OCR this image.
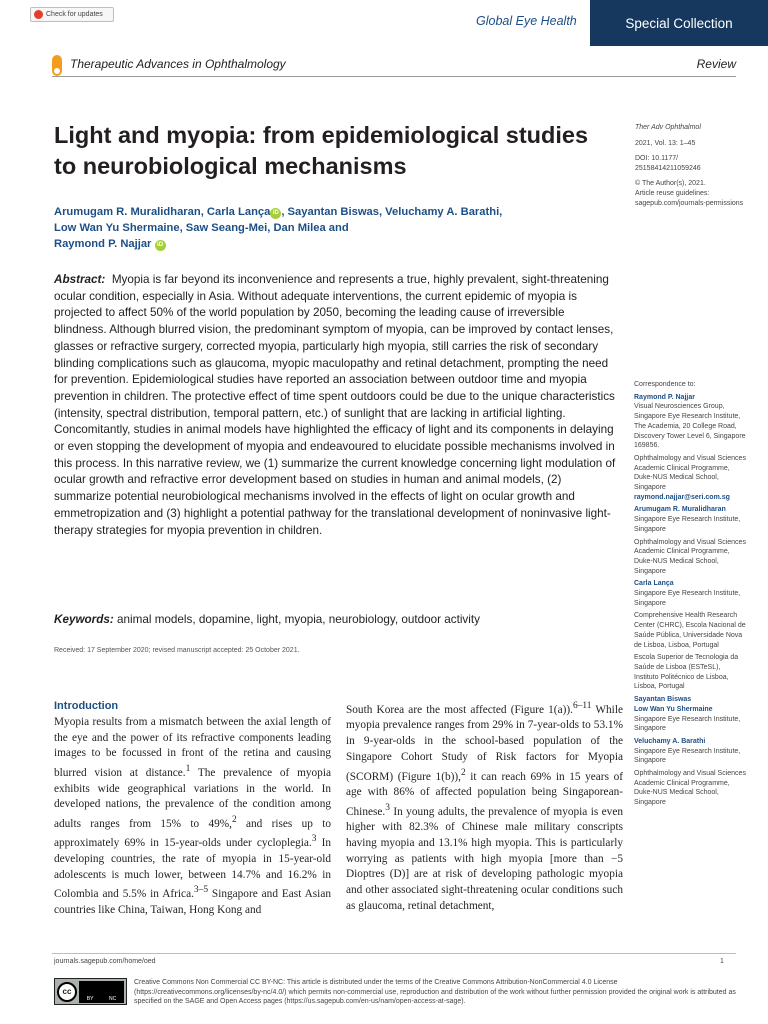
Check for updates	Global Eye Health	Special Collection
Therapeutic Advances in Ophthalmology	Review
Light and myopia: from epidemiological studies to neurobiological mechanisms
Arumugam R. Muralidharan, Carla Lança iD , Sayantan Biswas, Veluchamy A. Barathi,
Low Wan Yu Shermaine, Saw Seang-Mei, Dan Milea and
Raymond P. Najjar iD
Ther Adv Ophthalmol
2021, Vol. 13: 1–45
DOI: 10.1177/ 25158414211059246
© The Author(s), 2021.
Article reuse guidelines: sagepub.com/journals-permissions
Abstract: Myopia is far beyond its inconvenience and represents a true, highly prevalent, sight-threatening ocular condition, especially in Asia. Without adequate interventions, the current epidemic of myopia is projected to affect 50% of the world population by 2050, becoming the leading cause of irreversible blindness. Although blurred vision, the predominant symptom of myopia, can be improved by contact lenses, glasses or refractive surgery, corrected myopia, particularly high myopia, still carries the risk of secondary blinding complications such as glaucoma, myopic maculopathy and retinal detachment, prompting the need for prevention. Epidemiological studies have reported an association between outdoor time and myopia prevention in children. The protective effect of time spent outdoors could be due to the unique characteristics (intensity, spectral distribution, temporal pattern, etc.) of sunlight that are lacking in artificial lighting. Concomitantly, studies in animal models have highlighted the efficacy of light and its components in delaying or even stopping the development of myopia and endeavoured to elucidate possible mechanisms involved in this process. In this narrative review, we (1) summarize the current knowledge concerning light modulation of ocular growth and refractive error development based on studies in human and animal models, (2) summarize potential neurobiological mechanisms involved in the effects of light on ocular growth and emmetropization and (3) highlight a potential pathway for the translational development of noninvasive light-therapy strategies for myopia prevention in children.
Keywords: animal models, dopamine, light, myopia, neurobiology, outdoor activity
Received: 17 September 2020; revised manuscript accepted: 25 October 2021.
Introduction
Myopia results from a mismatch between the axial length of the eye and the power of its refractive components leading images to be focussed in front of the retina and causing blurred vision at distance.$^1$ The prevalence of myopia exhibits wide geographical variations in the world. In developed nations, the prevalence of the condition among adults ranges from 15% to 49%,$^2$ and rises up to approximately 69% in 15-year-olds under cycloplegia.$^3$ In developing countries, the rate of myopia in 15-year-old adolescents is much lower, between 14.7% and 16.2% in Colombia and 5.5% in Africa.$^{3-5}$ Singapore and East Asian countries like China, Taiwan, Hong Kong and
South Korea are the most affected (Figure 1(a)).$^{6-11}$ While myopia prevalence ranges from 29% in 7-year-olds to 53.1% in 9-year-olds in the school-based population of the Singapore Cohort Study of Risk factors for Myopia (SCORM) (Figure 1(b)),$^2$ it can reach 69% in 15 years of age with 86% of affected population being Singaporean-Chinese.$^3$ In young adults, the prevalence of myopia is even higher with 82.3% of Chinese male military conscripts having myopia and 13.1% high myopia. This is particularly worrying as patients with high myopia [more than −5 Dioptres (D)] are at risk of developing pathologic myopia and other associated sight-threatening ocular conditions such as glaucoma, retinal detachment,

Correspondence to:

Raymond P. Najjar

Visual Neurosciences Group, Singapore Eye Research Institute, The Academia, 20 College Road, Discovery Tower Level 6, Singapore 169856.

Ophthalmology and Visual Sciences Academic Clinical Programme, Duke-NUS Medical School, Singapore

raymond.najjar@seri.com.sg

Arumugam R. Muralidharan

Singapore Eye Research Institute, Singapore

Ophthalmology and Visual Sciences Academic Clinical Programme, Duke-NUS Medical School, Singapore

Carla Lança

Singapore Eye Research Institute, Singapore

Comprehensive Health Research Center (CHRC), Escola Nacional de Saúde Pública, Universidade Nova de Lisboa, Lisboa, Portugal

Escola Superior de Tecnologia da Saúde de Lisboa (ESTeSL), Instituto Politécnico de Lisboa, Lisboa, Portugal

Sayantan Biswas

Low Wan Yu Shermaine

Singapore Eye Research Institute, Singapore

Veluchamy A. Barathi

Singapore Eye Research Institute, Singapore

Ophthalmology and Visual Sciences Academic Clinical Programme, Duke-NUS Medical School, Singapore

journals.sagepub.com/home/oed	1
cc
BY	NC
Creative Commons Non Commercial CC BY-NC: This article is distributed under the terms of the Creative Commons Attribution-NonCommercial 4.0 License (https://creativecommons.org/licenses/by-nc/4.0/) which permits non-commercial use, reproduction and distribution of the work without further permission provided the original work is attributed as specified on the SAGE and Open Access pages (https://us.sagepub.com/en-us/nam/open-access-at-sage).
